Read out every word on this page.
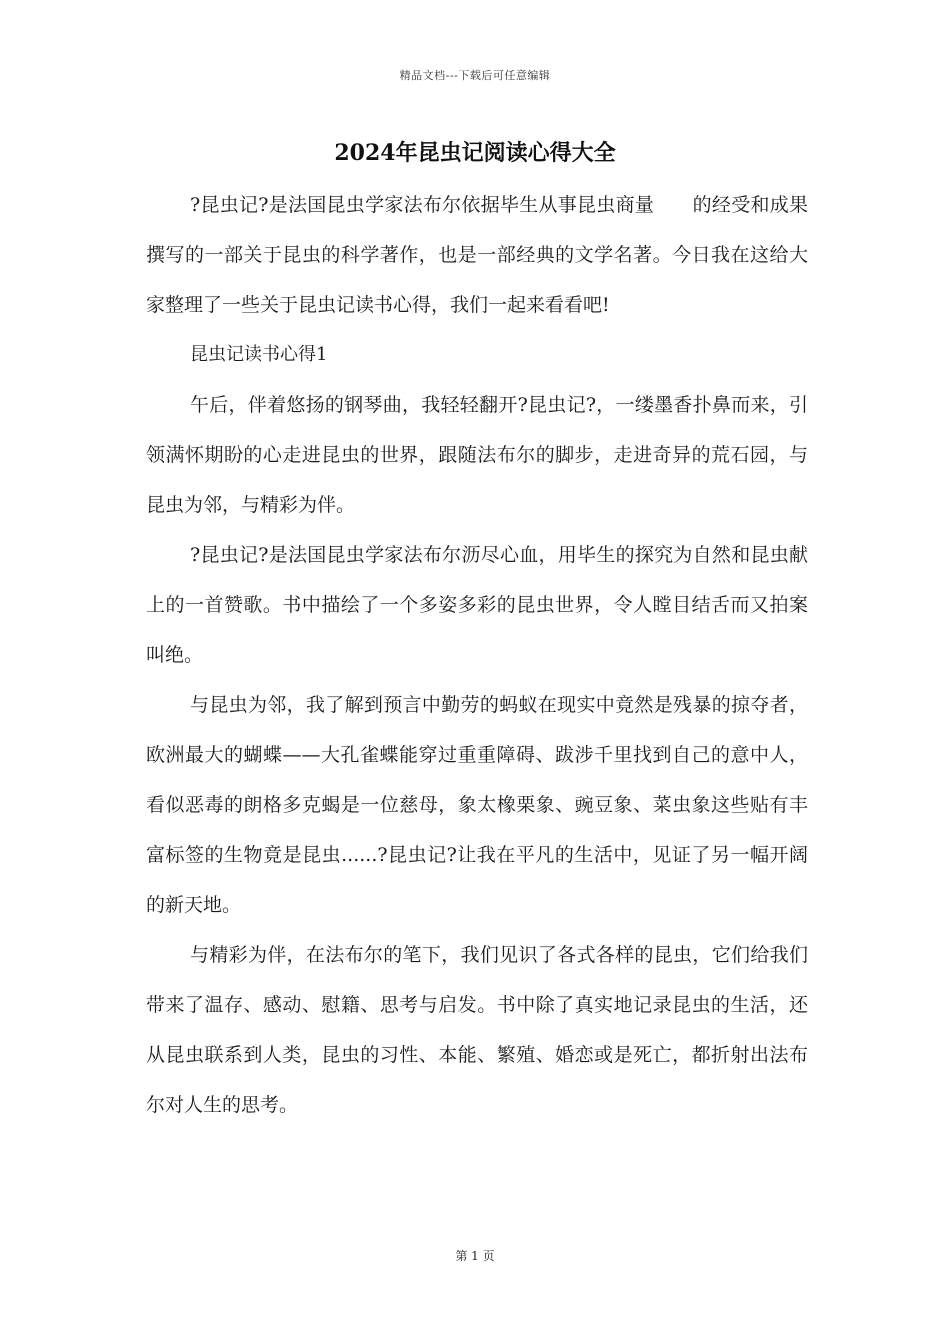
精品文档---下载后可任意编辑
2024年昆虫记阅读心得大全

?昆虫记?是法国昆虫学家法布尔依据毕生从事昆虫商量　　的经受和成果撰写的一部关于昆虫的科学著作，也是一部经典的文学名著。今日我在这给大家整理了一些关于昆虫记读书心得，我们一起来看看吧!

昆虫记读书心得1

午后，伴着悠扬的钢琴曲，我轻轻翻开?昆虫记?，一缕墨香扑鼻而来，引领满怀期盼的心走进昆虫的世界，跟随法布尔的脚步，走进奇异的荒石园，与昆虫为邻，与精彩为伴。

?昆虫记?是法国昆虫学家法布尔沥尽心血，用毕生的探究为自然和昆虫献上的一首赞歌。书中描绘了一个多姿多彩的昆虫世界，令人瞠目结舌而又拍案叫绝。

与昆虫为邻，我了解到预言中勤劳的蚂蚁在现实中竟然是残暴的掠夺者，欧洲最大的蝴蝶——大孔雀蝶能穿过重重障碍、跋涉千里找到自己的意中人，看似恶毒的朗格多克蝎是一位慈母，象太橡栗象、豌豆象、菜虫象这些贴有丰富标签的生物竟是昆虫......?昆虫记?让我在平凡的生活中，见证了另一幅开阔的新天地。

与精彩为伴，在法布尔的笔下，我们见识了各式各样的昆虫，它们给我们带来了温存、感动、慰籍、思考与启发。书中除了真实地记录昆虫的生活，还从昆虫联系到人类，昆虫的习性、本能、繁殖、婚恋或是死亡，都折射出法布尔对人生的思考。

第 1 页
